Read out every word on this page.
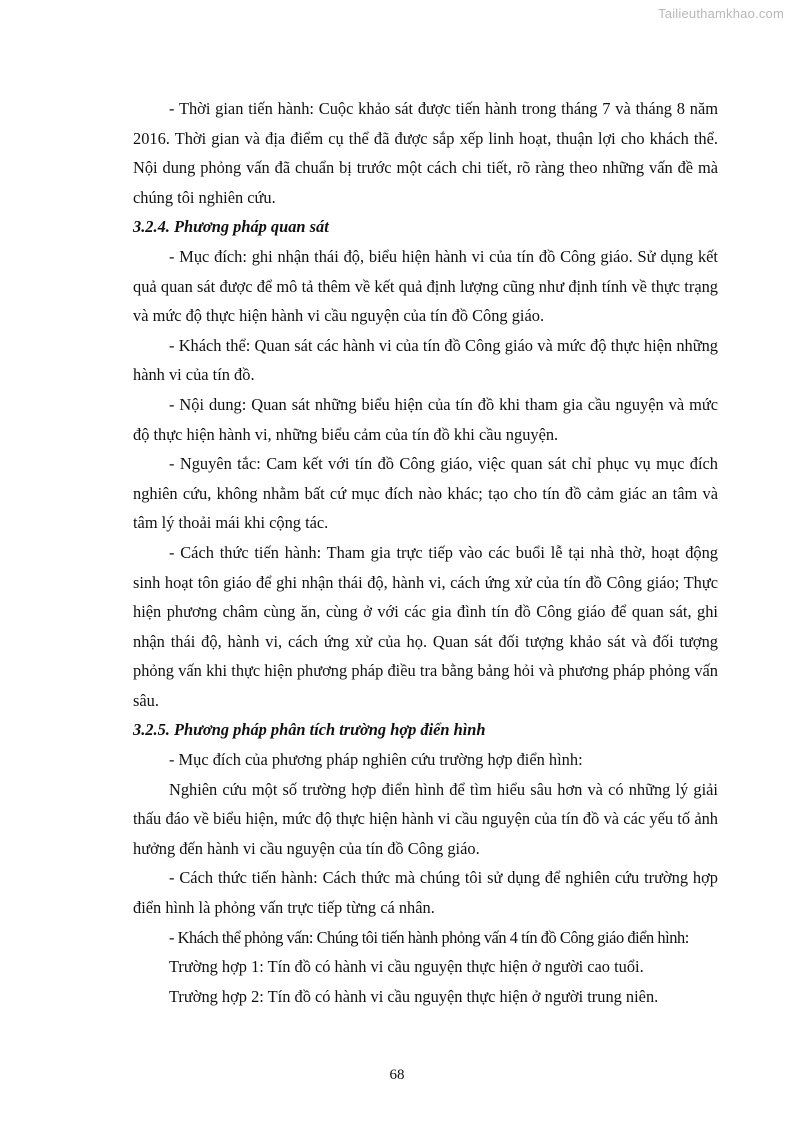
Tailieuthamkhao.com

- Thời gian tiến hành: Cuộc khảo sát được tiến hành trong tháng 7 và tháng 8 năm 2016. Thời gian và địa điểm cụ thể đã được sắp xếp linh hoạt, thuận lợi cho khách thể. Nội dung phỏng vấn đã chuẩn bị trước một cách chi tiết, rõ ràng theo những vấn đề mà chúng tôi nghiên cứu.

3.2.4. Phương pháp quan sát

- Mục đích: ghi nhận thái độ, biểu hiện hành vi của tín đồ Công giáo. Sử dụng kết quả quan sát được để mô tả thêm về kết quả định lượng cũng như định tính về thực trạng và mức độ thực hiện hành vi cầu nguyện của tín đồ Công giáo.

- Khách thể: Quan sát các hành vi của tín đồ Công giáo và mức độ thực hiện những hành vi của tín đồ.

- Nội dung: Quan sát những biểu hiện của tín đồ khi tham gia cầu nguyện và mức độ thực hiện hành vi, những biểu cảm của tín đồ khi cầu nguyện.

- Nguyên tắc: Cam kết với tín đồ Công giáo, việc quan sát chỉ phục vụ mục đích nghiên cứu, không nhằm bất cứ mục đích nào khác; tạo cho tín đồ cảm giác an tâm và tâm lý thoải mái khi cộng tác.

- Cách thức tiến hành: Tham gia trực tiếp vào các buổi lễ tại nhà thờ, hoạt động sinh hoạt tôn giáo để ghi nhận thái độ, hành vi, cách ứng xử của tín đồ Công giáo; Thực hiện phương châm cùng ăn, cùng ở với các gia đình tín đồ Công giáo để quan sát, ghi nhận thái độ, hành vi, cách ứng xử của họ. Quan sát đối tượng khảo sát và đối tượng phỏng vấn khi thực hiện phương pháp điều tra bằng bảng hỏi và phương pháp phỏng vấn sâu.

3.2.5. Phương pháp phân tích trường hợp điển hình

- Mục đích của phương pháp nghiên cứu trường hợp điển hình:

Nghiên cứu một số trường hợp điển hình để tìm hiểu sâu hơn và có những lý giải thấu đáo về biểu hiện, mức độ thực hiện hành vi cầu nguyện của tín đồ và các yếu tố ảnh hưởng đến hành vi cầu nguyện của tín đồ Công giáo.

- Cách thức tiến hành: Cách thức mà chúng tôi sử dụng để nghiên cứu trường hợp điển hình là phỏng vấn trực tiếp từng cá nhân.

- Khách thể phỏng vấn: Chúng tôi tiến hành phỏng vấn 4 tín đồ Công giáo điển hình:

Trường hợp 1: Tín đồ có hành vi cầu nguyện thực hiện ở người cao tuổi.

Trường hợp 2: Tín đồ có hành vi cầu nguyện thực hiện ở người trung niên.

68
